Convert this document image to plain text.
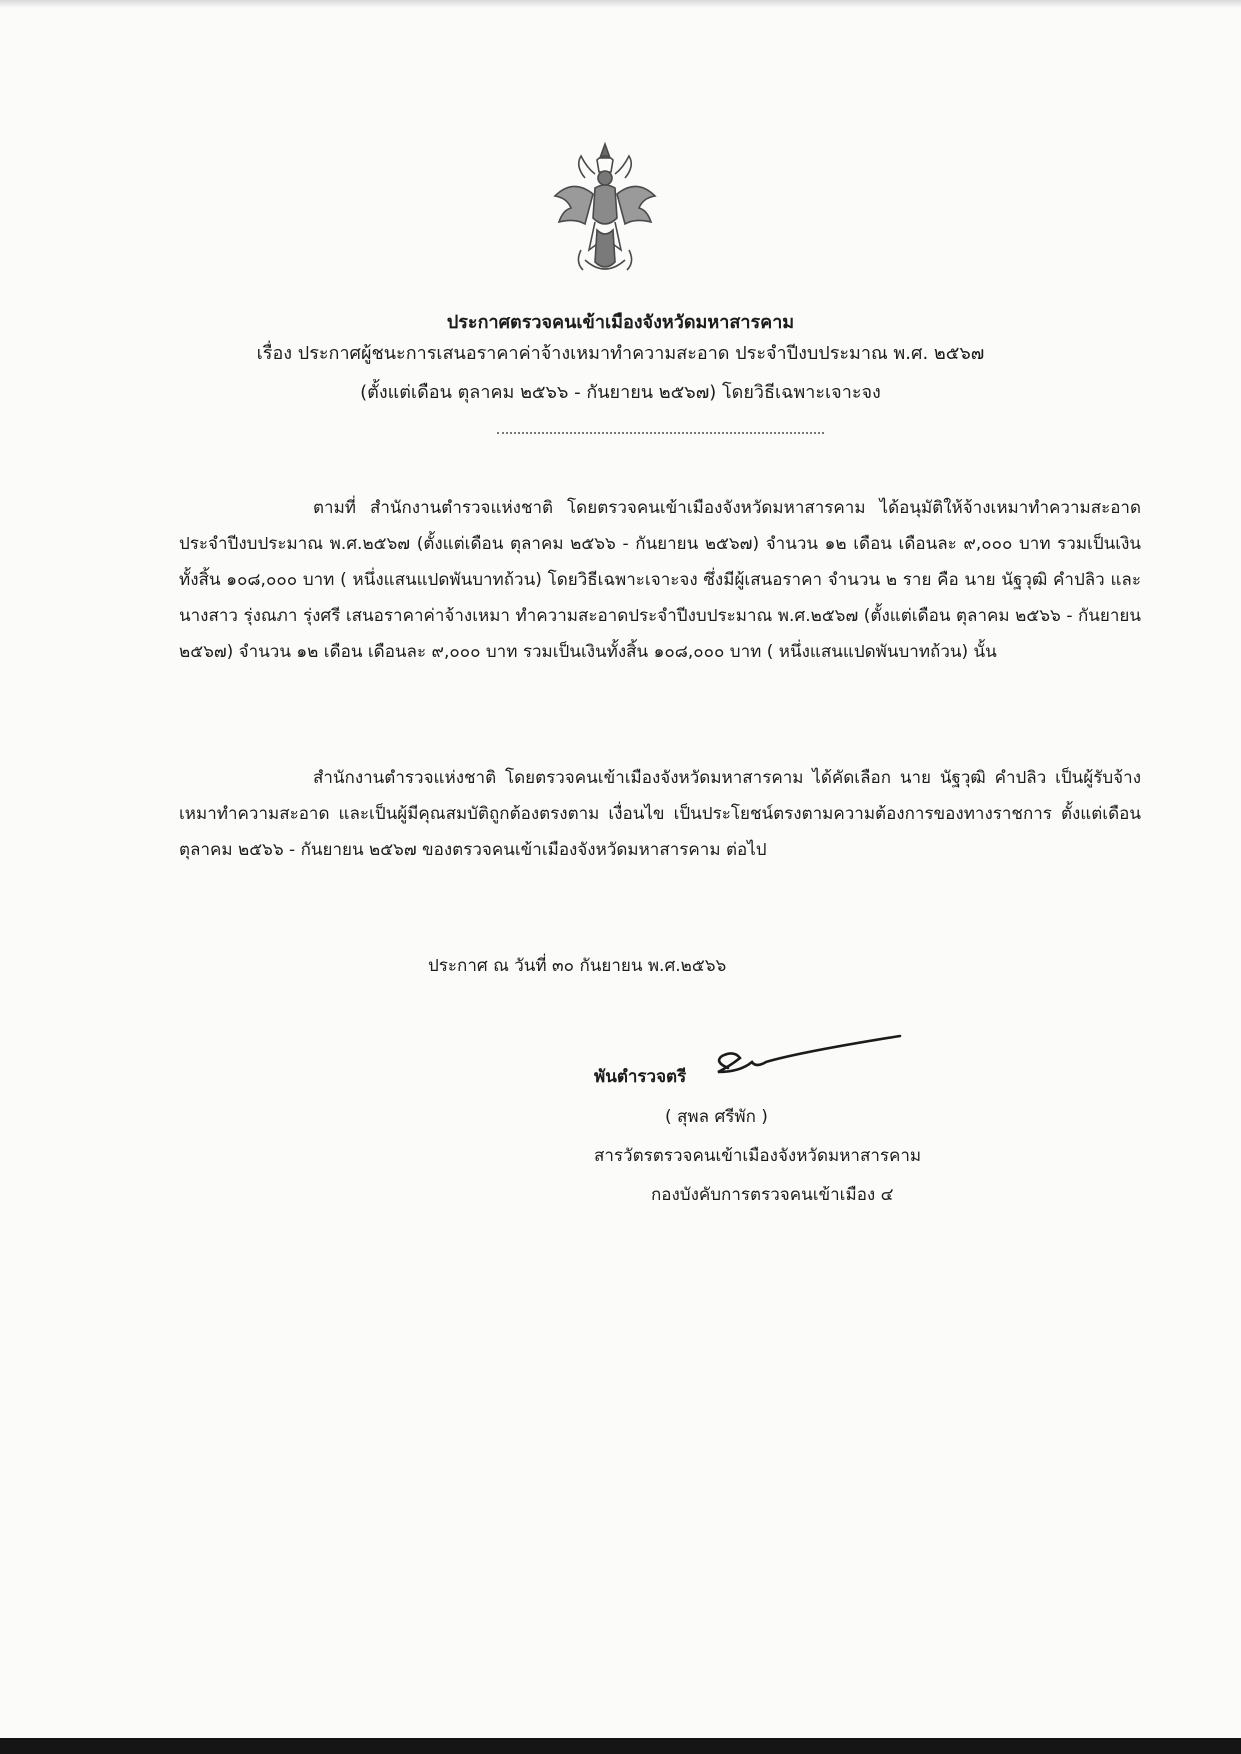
ประกาศตรวจคนเข้าเมืองจังหวัดมหาสารคาม
เรื่อง ประกาศผู้ชนะการเสนอราคาค่าจ้างเหมาทำความสะอาด ประจำปีงบประมาณ พ.ศ. ๒๕๖๗
(ตั้งแต่เดือน ตุลาคม ๒๕๖๖ - กันยายน ๒๕๖๗) โดยวิธีเฉพาะเจาะจง

ตามที่ สำนักงานตำรวจแห่งชาติ โดยตรวจคนเข้าเมืองจังหวัดมหาสารคาม ได้อนุมัติให้จ้างเหมาทำความสะอาด ประจำปีงบประมาณ พ.ศ.๒๕๖๗ (ตั้งแต่เดือน ตุลาคม ๒๕๖๖ - กันยายน ๒๕๖๗) จำนวน ๑๒ เดือน เดือนละ ๙,๐๐๐ บาท รวมเป็นเงินทั้งสิ้น ๑๐๘,๐๐๐ บาท ( หนึ่งแสนแปดพันบาทถ้วน) โดยวิธีเฉพาะเจาะจง ซึ่งมีผู้เสนอราคา จำนวน ๒ ราย คือ นาย นัฐวุฒิ คำปลิว และนางสาว รุ่งณภา รุ่งศรี เสนอราคาค่าจ้างเหมา ทำความสะอาดประจำปีงบประมาณ พ.ศ.๒๕๖๗ (ตั้งแต่เดือน ตุลาคม ๒๕๖๖ - กันยายน ๒๕๖๗) จำนวน ๑๒ เดือน เดือนละ ๙,๐๐๐ บาท รวมเป็นเงินทั้งสิ้น ๑๐๘,๐๐๐ บาท ( หนึ่งแสนแปดพันบาทถ้วน) นั้น

สำนักงานตำรวจแห่งชาติ โดยตรวจคนเข้าเมืองจังหวัดมหาสารคาม ได้คัดเลือก นาย นัฐวุฒิ คำปลิว เป็นผู้รับจ้างเหมาทำความสะอาด และเป็นผู้มีคุณสมบัติถูกต้องตรงตาม เงื่อนไข เป็นประโยชน์ตรงตามความต้องการของทางราชการ ตั้งแต่เดือน ตุลาคม ๒๕๖๖ - กันยายน ๒๕๖๗ ของตรวจคนเข้าเมืองจังหวัดมหาสารคาม ต่อไป

ประกาศ ณ วันที่ ๓๐ กันยายน พ.ศ.๒๕๖๖
พันตำรวจตรี
( สุพล ศรีพัก )
สารวัตรตรวจคนเข้าเมืองจังหวัดมหาสารคาม
กองบังคับการตรวจคนเข้าเมือง ๔
